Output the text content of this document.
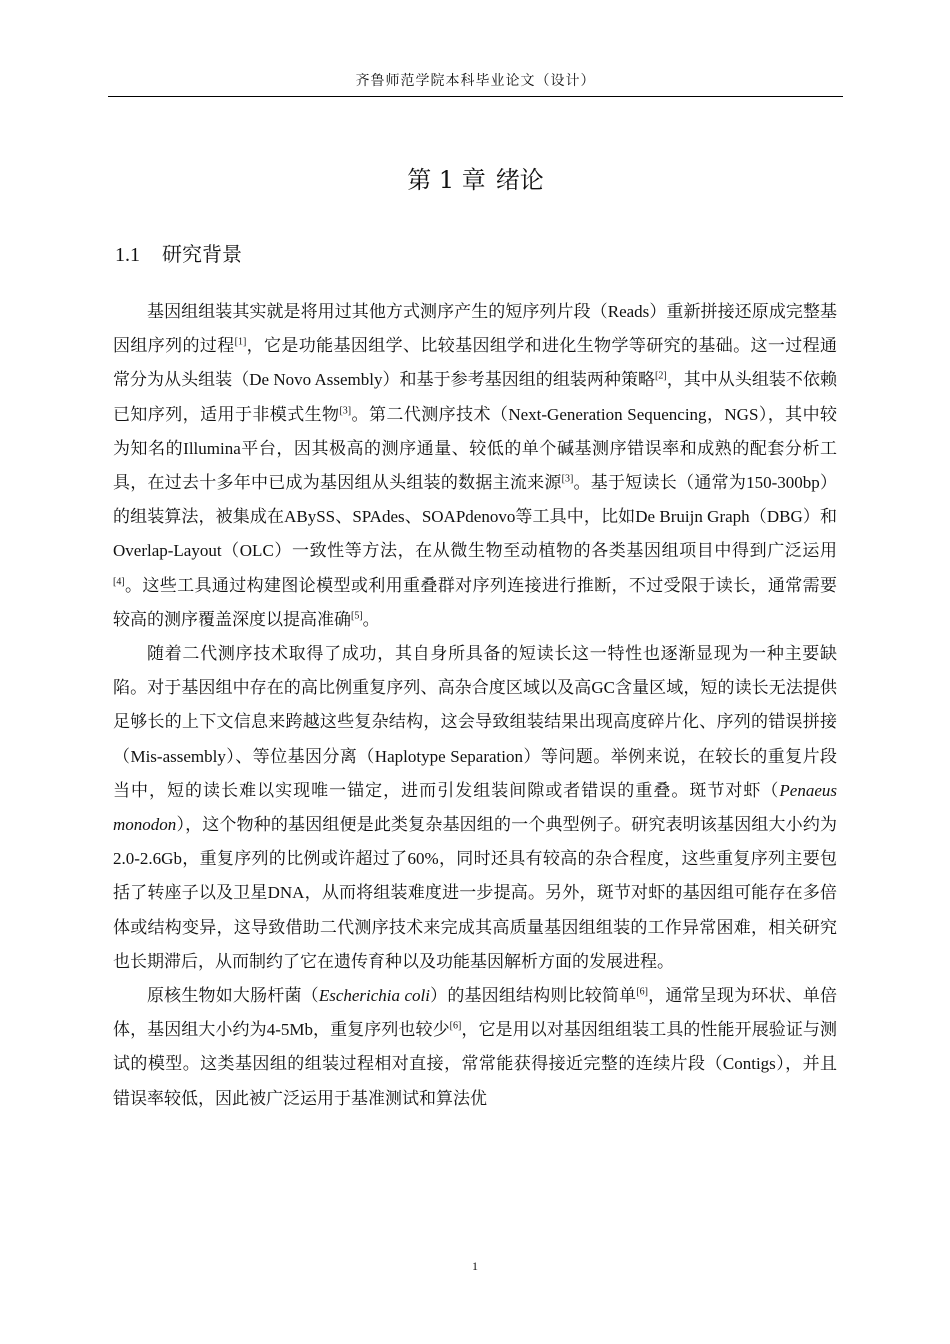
齐鲁师范学院本科毕业论文（设计）
第 1 章 绪论
1.1 研究背景

基因组组装其实就是将用过其他方式测序产生的短序列片段（Reads）重新拼接还原成完整基因组序列的过程[1]，它是功能基因组学、比较基因组学和进化生物学等研究的基础。这一过程通常分为从头组装（De Novo Assembly）和基于参考基因组的组装两种策略[2]，其中从头组装不依赖已知序列，适用于非模式生物[3]。第二代测序技术（Next-Generation Sequencing，NGS），其中较为知名的Illumina平台，因其极高的测序通量、较低的单个碱基测序错误率和成熟的配套分析工具，在过去十多年中已成为基因组从头组装的数据主流来源[3]。基于短读长（通常为150-300bp）的组装算法，被集成在ABySS、SPAdes、SOAPdenovo等工具中，比如De Bruijn Graph（DBG）和Overlap-Layout（OLC）一致性等方法，在从微生物至动植物的各类基因组项目中得到广泛运用[4]。这些工具通过构建图论模型或利用重叠群对序列连接进行推断，不过受限于读长，通常需要较高的测序覆盖深度以提高准确[5]。

随着二代测序技术取得了成功，其自身所具备的短读长这一特性也逐渐显现为一种主要缺陷。对于基因组中存在的高比例重复序列、高杂合度区域以及高GC含量区域，短的读长无法提供足够长的上下文信息来跨越这些复杂结构，这会导致组装结果出现高度碎片化、序列的错误拼接（Mis-assembly）、等位基因分离（Haplotype Separation）等问题。举例来说，在较长的重复片段当中，短的读长难以实现唯一锚定，进而引发组装间隙或者错误的重叠。斑节对虾（Penaeus monodon），这个物种的基因组便是此类复杂基因组的一个典型例子。研究表明该基因组大小约为2.0-2.6Gb，重复序列的比例或许超过了60%，同时还具有较高的杂合程度，这些重复序列主要包括了转座子以及卫星DNA，从而将组装难度进一步提高。另外，斑节对虾的基因组可能存在多倍体或结构变异，这导致借助二代测序技术来完成其高质量基因组组装的工作异常困难，相关研究也长期滞后，从而制约了它在遗传育种以及功能基因解析方面的发展进程。

原核生物如大肠杆菌（Escherichia coli）的基因组结构则比较简单[6]，通常呈现为环状、单倍体，基因组大小约为4-5Mb，重复序列也较少[6]，它是用以对基因组组装工具的性能开展验证与测试的模型。这类基因组的组装过程相对直接，常常能获得接近完整的连续片段（Contigs），并且错误率较低，因此被广泛运用于基准测试和算法优

1
